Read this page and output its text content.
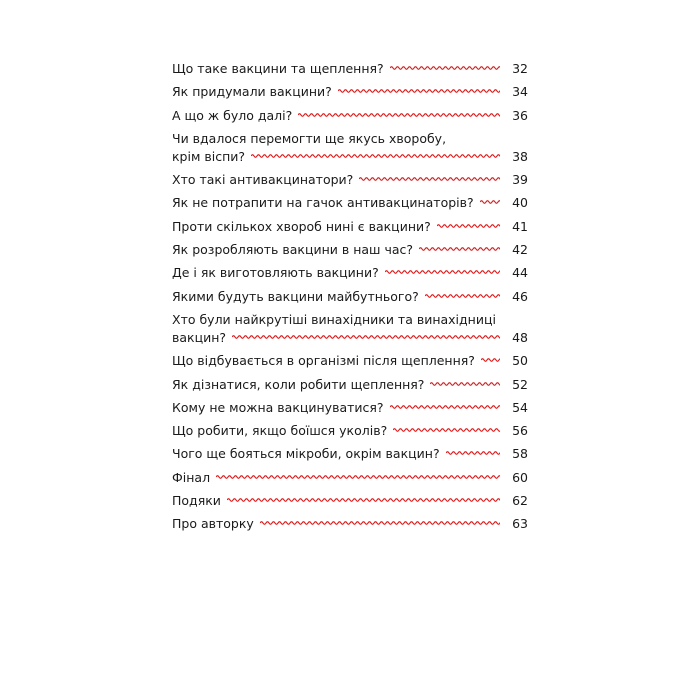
Що таке вакцини та щеплення?	32
Як придумали вакцини?	34
А що ж було далі?	36
Чи вдалося перемогти ще якусь хворобу,
крім віспи?	38
Хто такі антивакцинатори?	39
Як не потрапити на гачок антивакцинаторів?	40
Проти скількох хвороб нині є вакцини?	41
Як розробляють вакцини в наш час?	42
Де і як виготовляють вакцини?	44
Якими будуть вакцини майбутнього?	46
Хто були найкрутіші винахідники та винахідниці
вакцин?	48
Що відбувається в організмі після щеплення?	50
Як дізнатися, коли робити щеплення?	52
Кому не можна вакцинуватися?	54
Що робити, якщо боїшся уколів?	56
Чого ще бояться мікроби, окрім вакцин?	58
Фінал	60
Подяки	62
Про авторку	63
